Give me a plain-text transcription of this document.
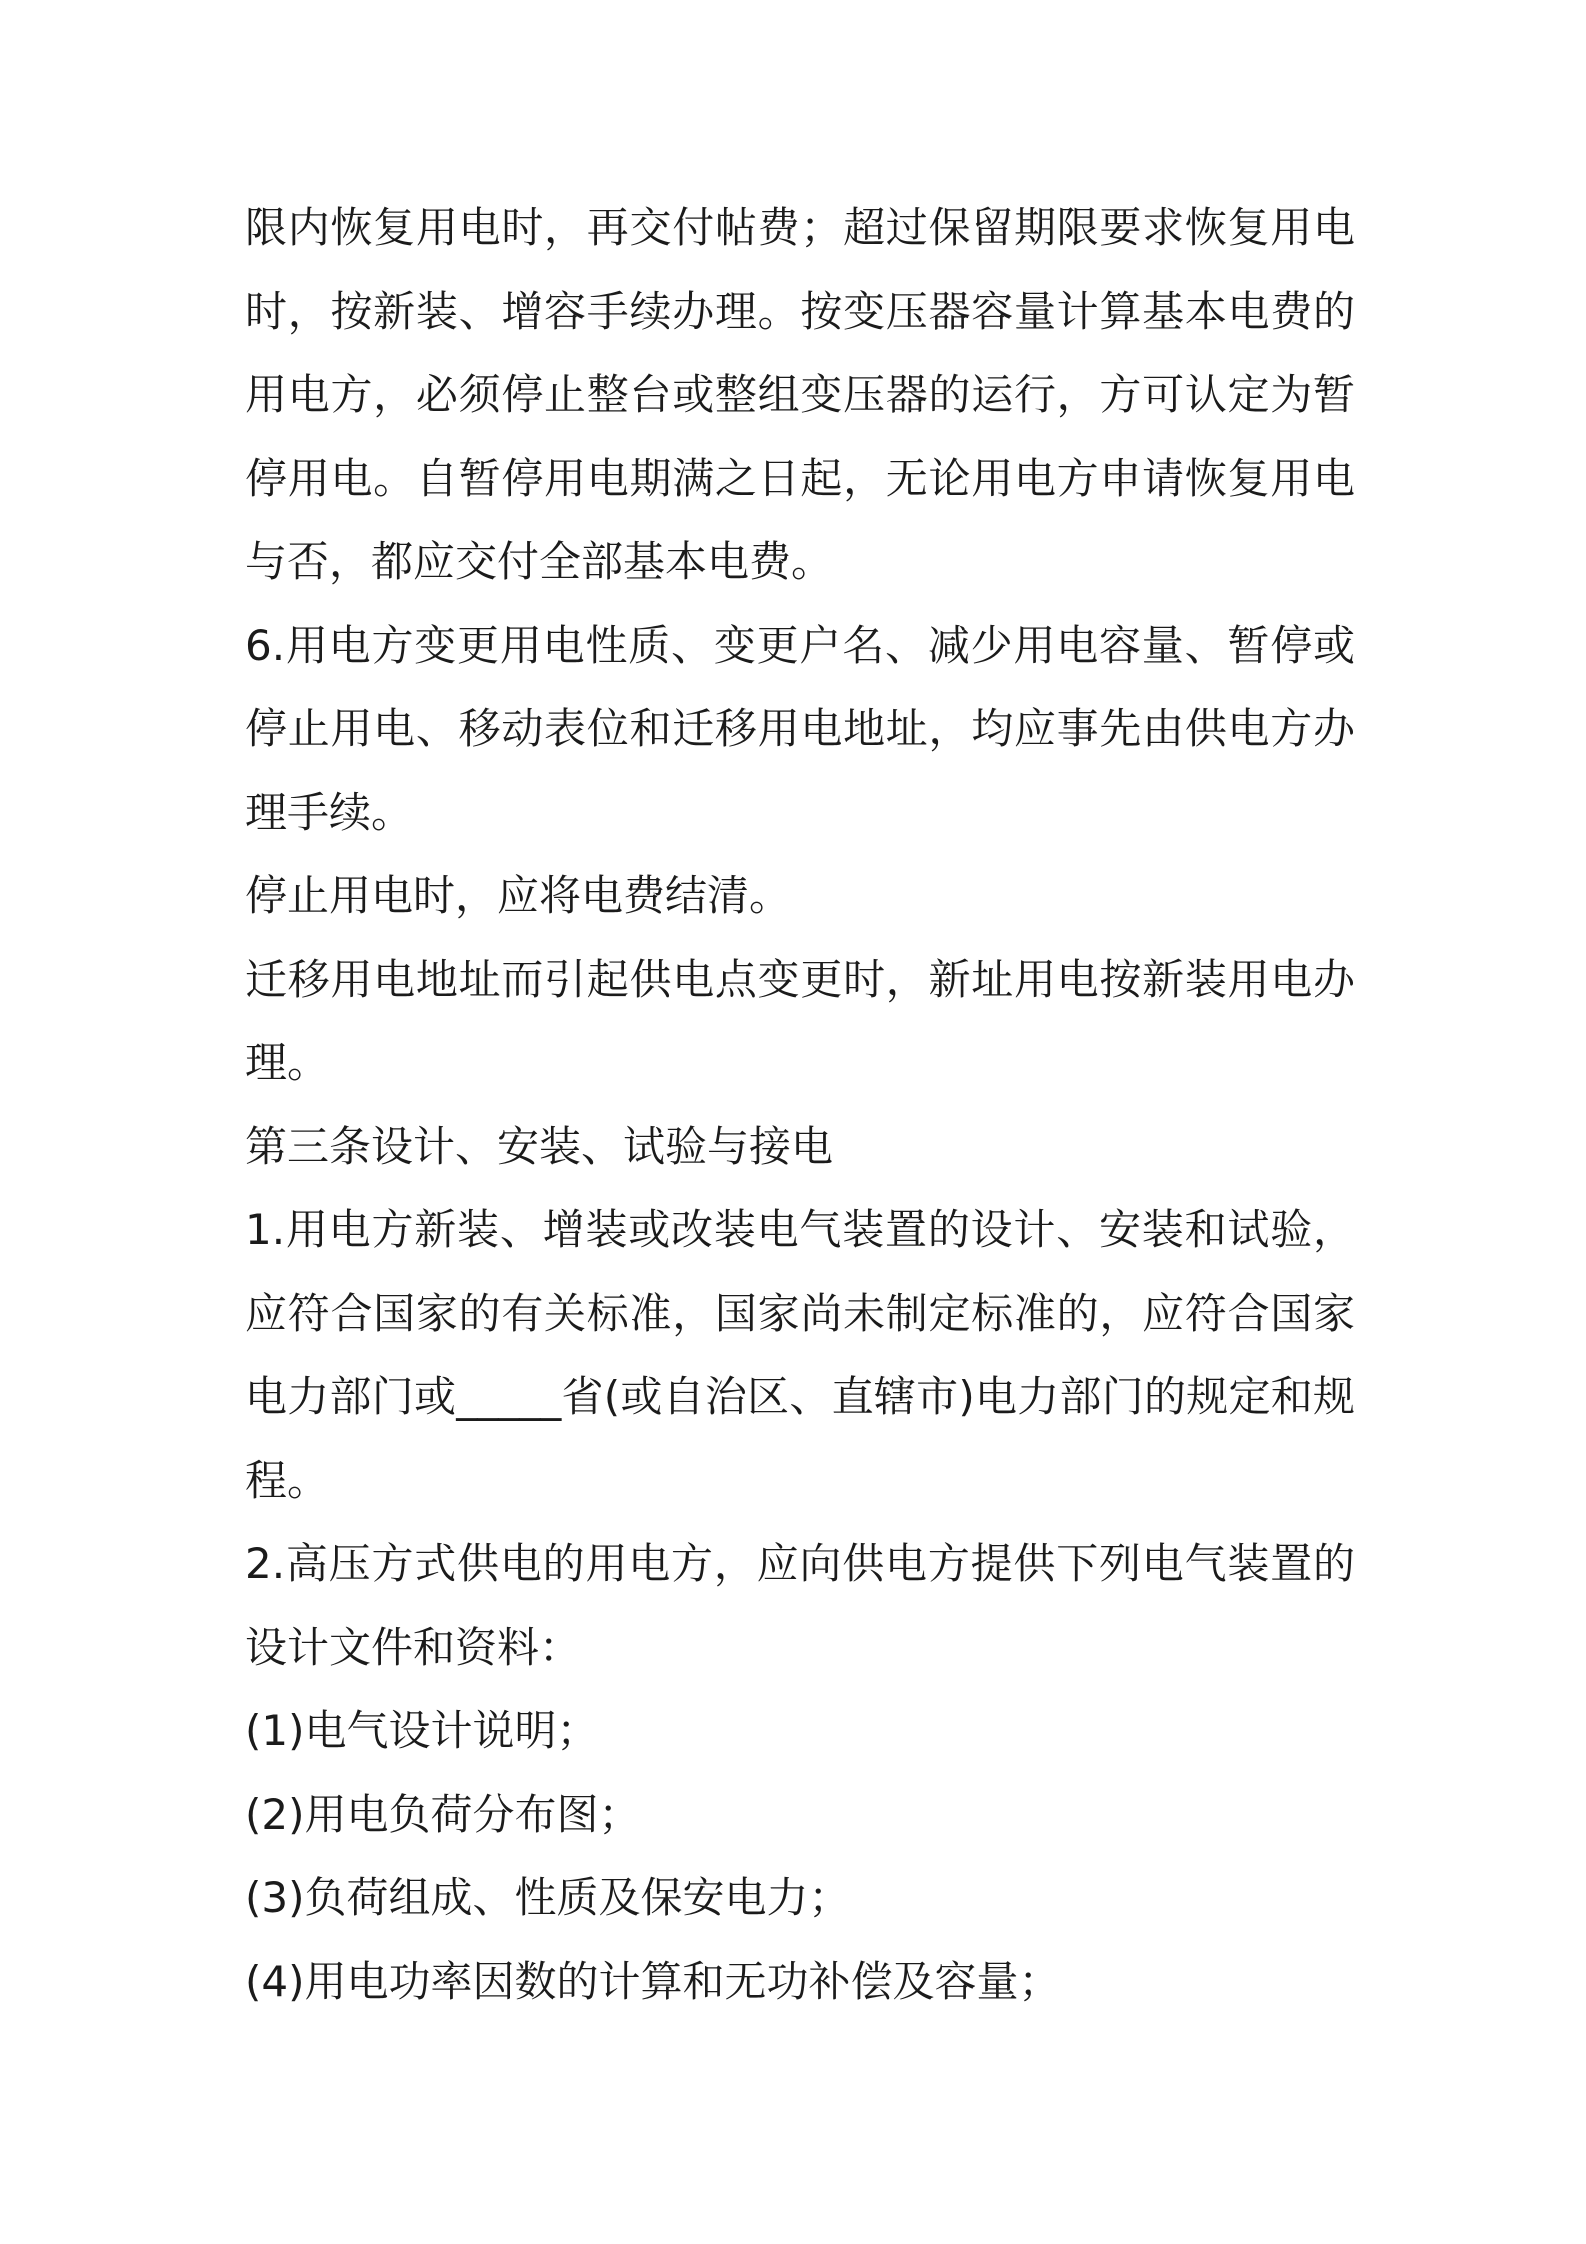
限内恢复用电时，再交付帖费；超过保留期限要求恢复用电
时，按新装、增容手续办理。按变压器容量计算基本电费的
用电方，必须停止整台或整组变压器的运行，方可认定为暂
停用电。自暂停用电期满之日起，无论用电方申请恢复用电
与否，都应交付全部基本电费。
6.用电方变更用电性质、变更户名、减少用电容量、暂停或
停止用电、移动表位和迁移用电地址，均应事先由供电方办
理手续。
停止用电时，应将电费结清。
迁移用电地址而引起供电点变更时，新址用电按新装用电办
理。
第三条设计、安装、试验与接电
1.用电方新装、增装或改装电气装置的设计、安装和试验，
应符合国家的有关标准，国家尚未制定标准的，应符合国家
电力部门或_____省(或自治区、直辖市)电力部门的规定和规
程。
2.高压方式供电的用电方，应向供电方提供下列电气装置的
设计文件和资料：
(1)电气设计说明；
(2)用电负荷分布图；
(3)负荷组成、性质及保安电力；
(4)用电功率因数的计算和无功补偿及容量；
